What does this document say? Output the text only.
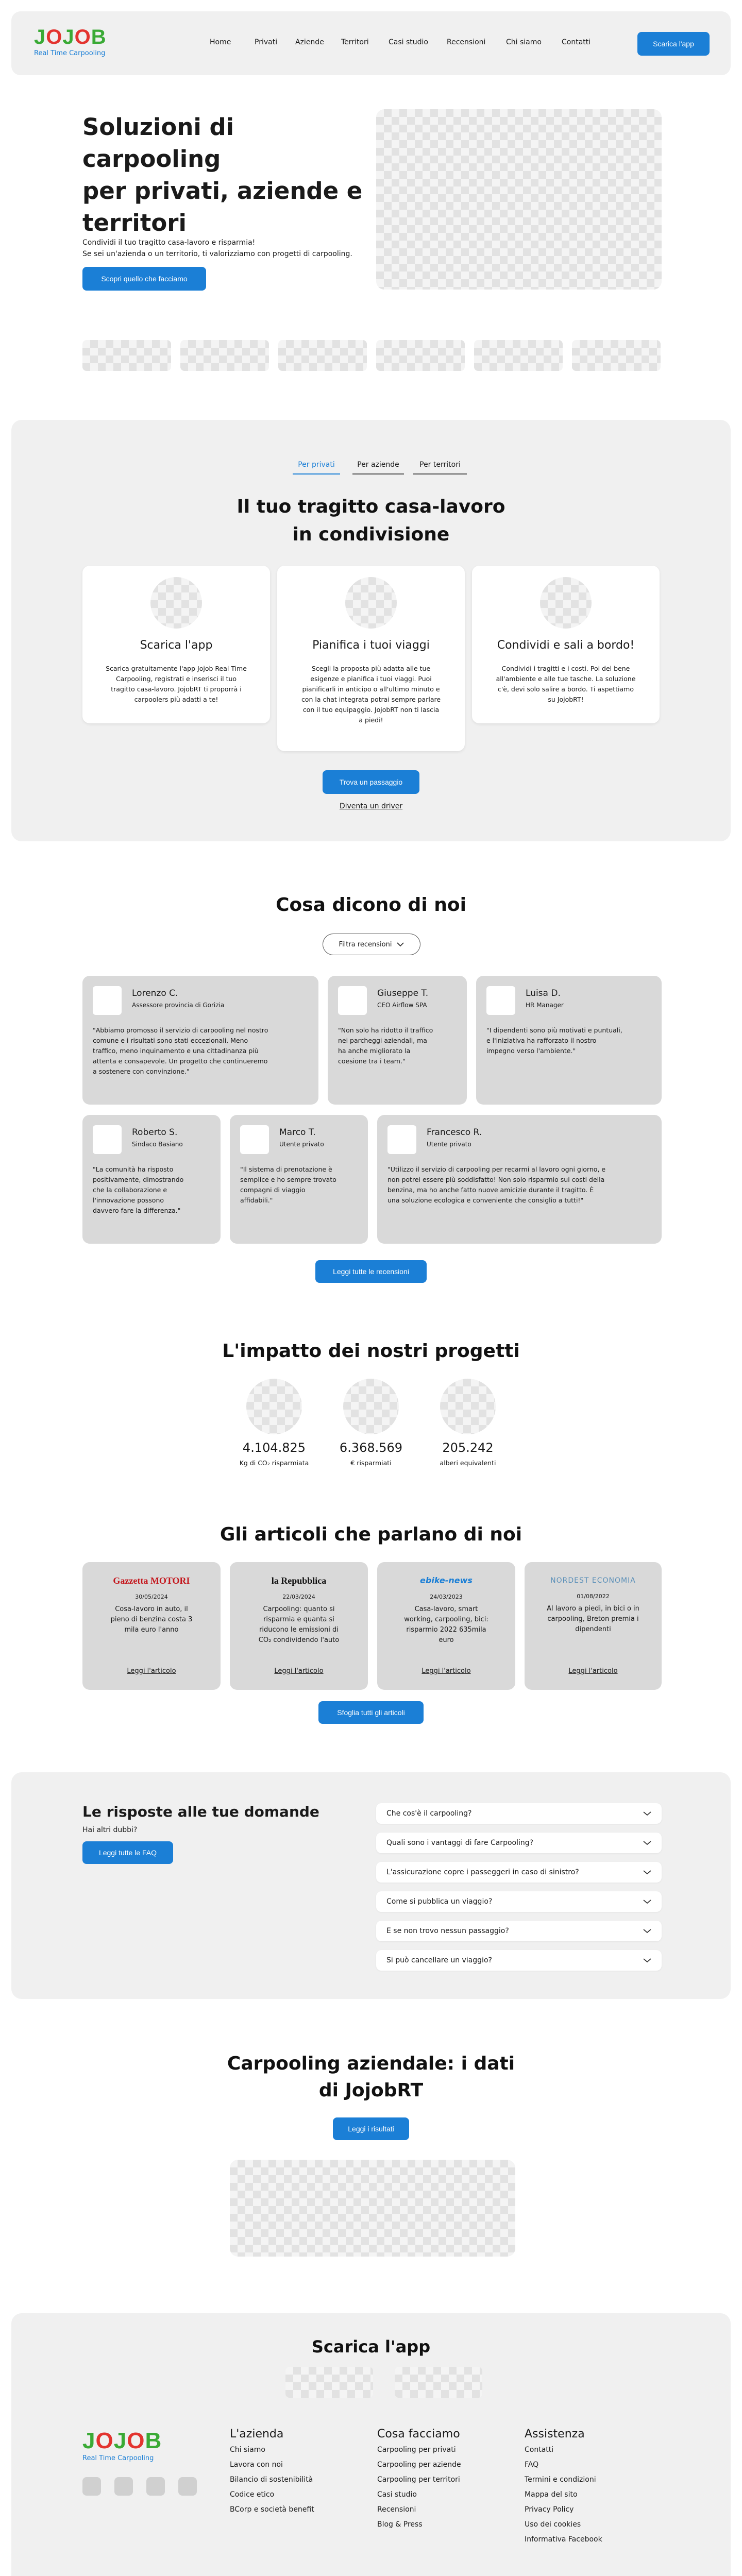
JOJOB
Real Time Carpooling
Home	Privati Aziende Territori	Casi studio	Recensioni	Chi siamo	Contatti	Scarica l'app
Soluzioni di carpooling
per privati, aziende e
territori
Condividi il tuo tragitto casa-lavoro e risparmia!
Se sei un'azienda o un territorio, ti valorizziamo con progetti di carpooling.
Scopri quello che facciamo
Per privati	Per aziende	Per territori
Il tuo tragitto casa-lavoro
in condivisione
Scarica l'app
Scarica gratuitamente l'app Jojob Real Time
Carpooling, registrati e inserisci il tuo
tragitto casa-lavoro. JojobRT ti proporrà i
carpoolers più adatti a te!
Pianifica i tuoi viaggi
Scegli la proposta più adatta alle tue
esigenze e pianifica i tuoi viaggi. Puoi
pianificarli in anticipo o all'ultimo minuto e
con la chat integrata potrai sempre parlare
con il tuo equipaggio. JojobRT non ti lascia
a piedi!
Condividi e sali a bordo!
Condividi i tragitti e i costi. Poi del bene
all'ambiente e alle tue tasche. La soluzione
c'è, devi solo salire a bordo. Ti aspettiamo
su JojobRT!
Trova un passaggio
Diventa un driver
Cosa dicono di noi
Filtra recensioni
Lorenzo C.
Assessore provincia di Gorizia
"Abbiamo promosso il servizio di carpooling nel nostro
comune e i risultati sono stati eccezionali. Meno
traffico, meno inquinamento e una cittadinanza più
attenta e consapevole. Un progetto che continueremo
a sostenere con convinzione."
Giuseppe T.
CEO Airflow SPA
"Non solo ha ridotto il traffico
nei parcheggi aziendali, ma
ha anche migliorato la
coesione tra i team."
Luisa D.
HR Manager
"I dipendenti sono più motivati e puntuali,
e l'iniziativa ha rafforzato il nostro
impegno verso l'ambiente."
Roberto S.
Sindaco Basiano
"La comunità ha risposto
positivamente, dimostrando
che la collaborazione e
l'innovazione possono
davvero fare la differenza."
Marco T.
Utente privato
"Il sistema di prenotazione è
semplice e ho sempre trovato
compagni di viaggio
affidabili."
Francesco R.
Utente privato
"Utilizzo il servizio di carpooling per recarmi al lavoro ogni giorno, e
non potrei essere più soddisfatto! Non solo risparmio sui costi della
benzina, ma ho anche fatto nuove amicizie durante il tragitto. È
una soluzione ecologica e conveniente che consiglio a tutti!"
Leggi tutte le recensioni
L'impatto dei nostri progetti
4.104.825
Kg di CO₂ risparmiata
6.368.569
€ risparmiati
205.242
alberi equivalenti
Gli articoli che parlano di noi
Gazzetta MOTORI
30/05/2024
Cosa-lavoro in auto, il
pieno di benzina costa 3
mila euro l'anno
Leggi l'articolo
la Repubblica
22/03/2024
Carpooling: quanto si
risparmia e quanta si
riducono le emissioni di
CO₂ condividendo l'auto
Leggi l'articolo
ebike-news
24/03/2023
Casa-lavoro, smart
working, carpooling, bici:
risparmio 2022 635mila
euro
Leggi l'articolo
NORDEST ECONOMIA
01/08/2022
Al lavoro a piedi, in bici o in
carpooling, Breton premia i
dipendenti
Leggi l'articolo
Sfoglia tutti gli articoli
Le risposte alle tue domande
Hai altri dubbi?
Leggi tutte le FAQ
Che cos'è il carpooling?
Quali sono i vantaggi di fare Carpooling?
L'assicurazione copre i passeggeri in caso di sinistro?
Come si pubblica un viaggio?
E se non trovo nessun passaggio?
Si può cancellare un viaggio?
Carpooling aziendale: i dati
di JojobRT
Leggi i risultati
Scarica l'app
JOJOB
Real Time Carpooling
L'azienda
Chi siamo
Lavora con noi
Bilancio di sostenibilità
Codice etico
BCorp e società benefit
Cosa facciamo
Carpooling per privati
Carpooling per aziende
Carpooling per territori
Casi studio
Recensioni
Blog & Press
Assistenza
Contatti
FAQ
Termini e condizioni
Mappa del sito
Privacy Policy
Uso dei cookies
Informativa Facebook
